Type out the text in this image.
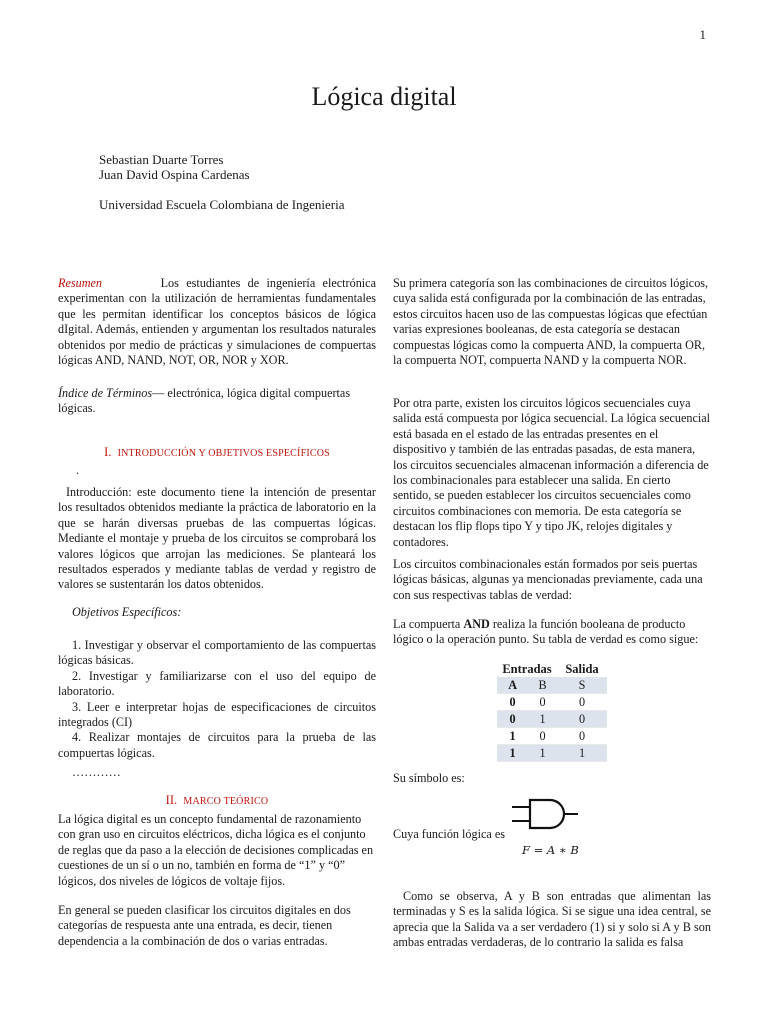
1
Lógica digital
Sebastian Duarte Torres
Juan David Ospina Cardenas
Universidad Escuela Colombiana de Ingenieria
Resumen	Los estudiantes de ingeniería electrónica experimentan con la utilización de herramientas fundamentales que les permitan identificar los conceptos básicos de lógica dIgital. Además, entienden y argumentan los resultados naturales obtenidos por medio de prácticas y simulaciones de compuertas lógicas AND, NAND, NOT, OR, NOR y XOR.
Índice de Términos— electrónica, lógica digital compuertas lógicas.
I. INTRODUCCIÓN Y OBJETIVOS ESPECÍFICOS
.
Introducción: este documento tiene la intención de presentar los resultados obtenidos mediante la práctica de laboratorio en la que se harán diversas pruebas de las compuertas lógicas. Mediante el montaje y prueba de los circuitos se comprobará los valores lógicos que arrojan las mediciones. Se planteará los resultados esperados y mediante tablas de verdad y registro de valores se sustentarán los datos obtenidos.
Objetivos Específicos:

1. Investigar y observar el comportamiento de las compuertas lógicas básicas.

2. Investigar y familiarizarse con el uso del equipo de laboratorio.

3. Leer e interpretar hojas de especificaciones de circuitos integrados (CI)

4. Realizar montajes de circuitos para la prueba de las compuertas lógicas.

…………
II. MARCO TEÓRICO
La lógica digital es un concepto fundamental de razonamiento con gran uso en circuitos eléctricos, dicha lógica es el conjunto de reglas que da paso a la elección de decisiones complicadas en cuestiones de un sí o un no, también en forma de “1” y “0” lógicos, dos niveles de lógicos de voltaje fijos.
En general se pueden clasificar los circuitos digitales en dos categorías de respuesta ante una entrada, es decir, tienen dependencia a la combinación de dos o varias entradas.
Su primera categoría son las combinaciones de circuitos lógicos, cuya salida está configurada por la combinación de las entradas, estos circuitos hacen uso de las compuestas lógicas que efectúan varias expresiones booleanas, de esta categoría se destacan compuestas lógicas como la compuerta AND, la compuerta OR, la compuerta NOT, compuerta NAND y la compuerta NOR.
Por otra parte, existen los circuitos lógicos secuenciales cuya salida está compuesta por lógica secuencial. La lógica secuencial está basada en el estado de las entradas presentes en el dispositivo y también de las entradas pasadas, de esta manera, los circuitos secuenciales almacenan información a diferencia de los combinacionales para establecer una salida. En cierto sentido, se pueden establecer los circuitos secuenciales como circuitos combinaciones con memoria. De esta categoría se destacan los flip flops tipo Y y tipo JK, relojes digitales y contadores.
Los circuitos combinacionales están formados por seis puertas lógicas básicas, algunas ya mencionadas previamente, cada una con sus respectivas tablas de verdad:
La compuerta AND realiza la función booleana de producto lógico o la operación punto. Su tabla de verdad es como sigue:
Entradas		Salida
A	B	S
0	0	0
0	1	0
1	0	0
1	1	1
Su símbolo es:
Cuya función lógica es
F = A ∗ B
Como se observa, A y B son entradas que alimentan las terminadas y S es la salida lógica. Si se sigue una idea central, se aprecia que la Salida va a ser verdadero (1) si y solo si A y B son ambas entradas verdaderas, de lo contrario la salida es falsa
